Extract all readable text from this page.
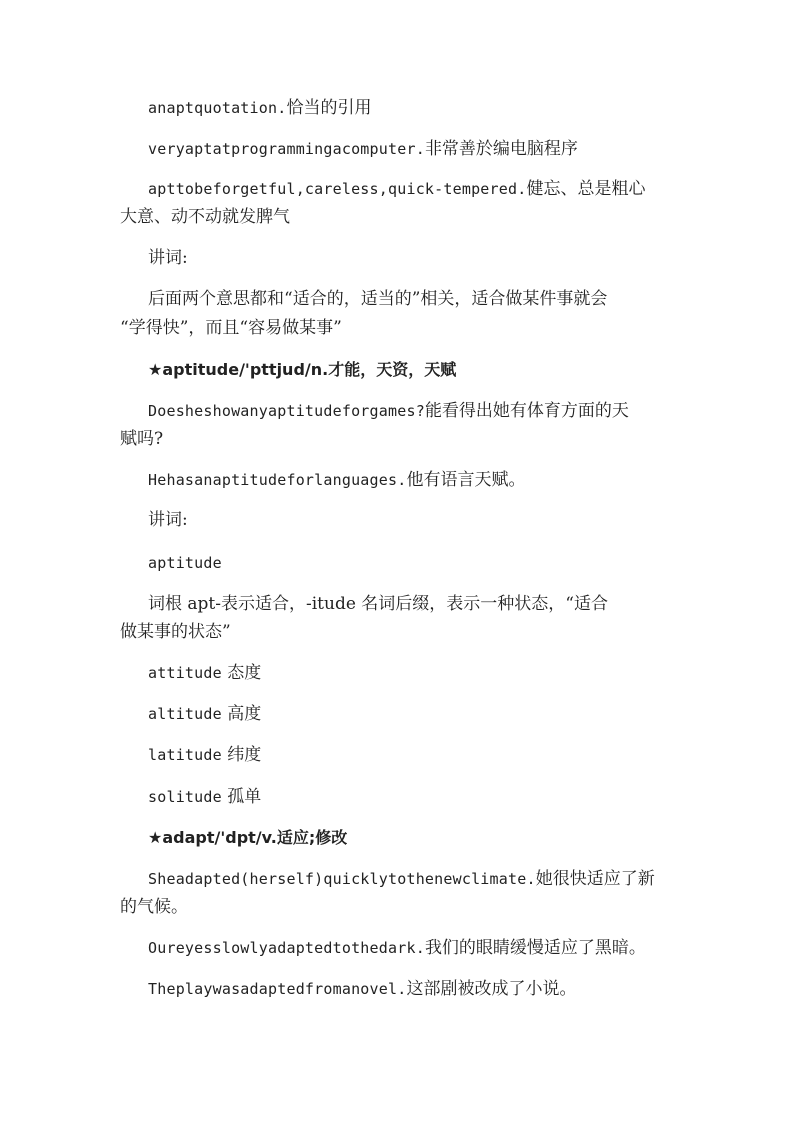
anaptquotation.恰当的引用
veryaptatprogrammingacomputer.非常善於编电脑程序
apttobeforgetful,careless,quick-tempered.健忘、总是粗心
大意、动不动就发脾气
讲词:
后面两个意思都和“适合的，适当的”相关，适合做某件事就会
“学得快”，而且“容易做某事”
★aptitude/'pttjud/n.才能，天资，天赋
Doesheshowanyaptitudeforgames?能看得出她有体育方面的天
赋吗?
Hehasanaptitudeforlanguages.他有语言天赋。
讲词:
aptitude
词根 apt-表示适合，-itude 名词后缀，表示一种状态，“适合
做某事的状态”
attitude 态度
altitude 高度
latitude 纬度
solitude 孤单
★adapt/'dpt/v.适应;修改
Sheadapted(herself)quicklytothenewclimate.她很快适应了新
的气候。
Oureyesslowlyadaptedtothedark.我们的眼睛缓慢适应了黑暗。
Theplaywasadaptedfromanovel.这部剧被改成了小说。
